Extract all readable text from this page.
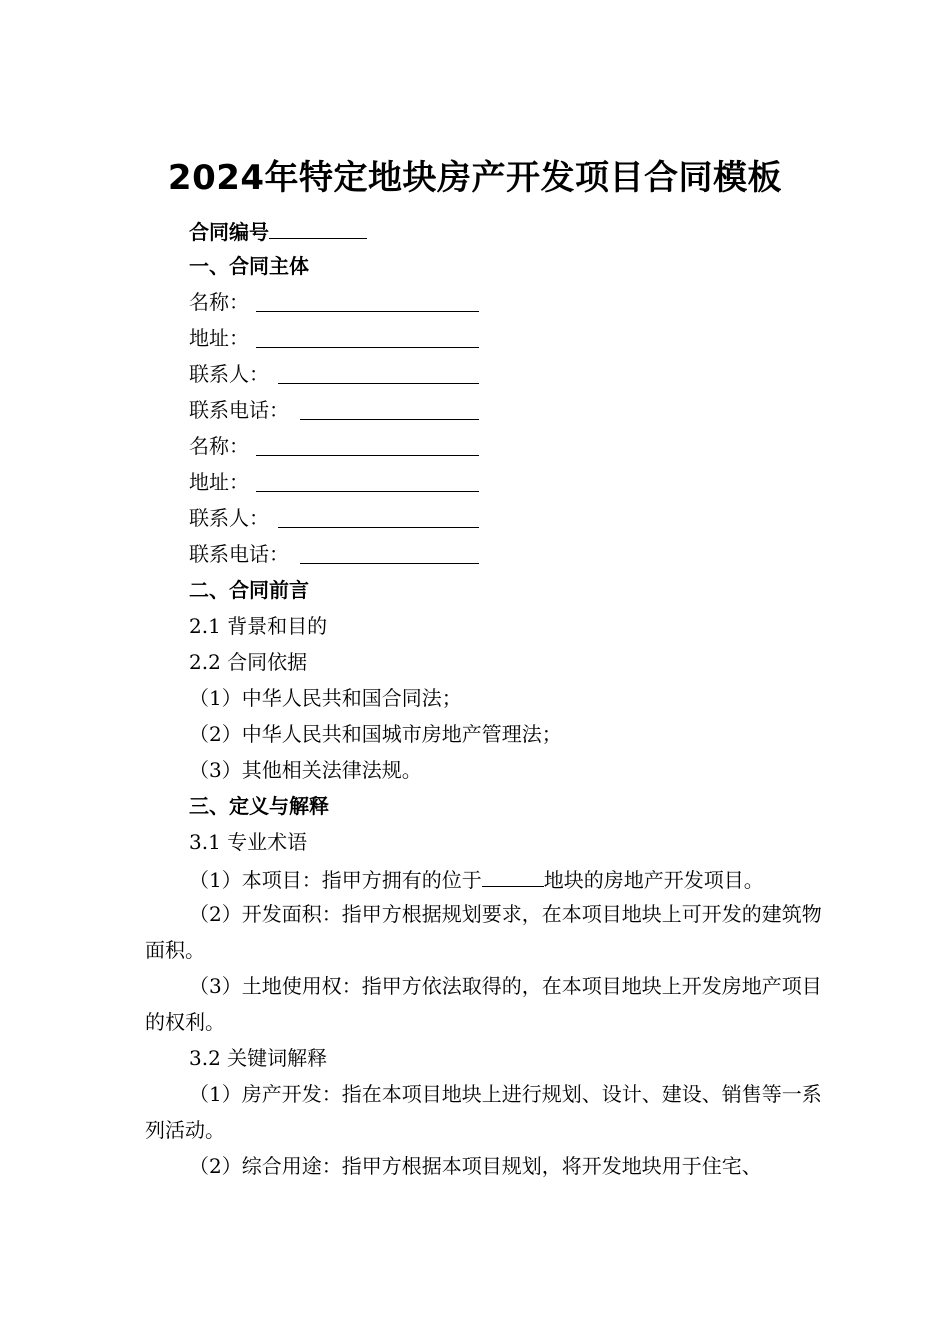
2024年特定地块房产开发项目合同模板
合同编号
一、合同主体
名称：
地址：
联系人：
联系电话：
名称：
地址：
联系人：
联系电话：
二、合同前言
2.1 背景和目的
2.2 合同依据
（1）中华人民共和国合同法；
（2）中华人民共和国城市房地产管理法；
（3）其他相关法律法规。
三、定义与解释
3.1 专业术语
（1）本项目：指甲方拥有的位于	地块的房地产开发项目。

（2）开发面积：指甲方根据规划要求，在本项目地块上可开发的建筑物面积。

（3）土地使用权：指甲方依法取得的，在本项目地块上开发房地产项目的权利。

3.2 关键词解释

（1）房产开发：指在本项目地块上进行规划、设计、建设、销售等一系列活动。

（2）综合用途：指甲方根据本项目规划，将开发地块用于住宅、
